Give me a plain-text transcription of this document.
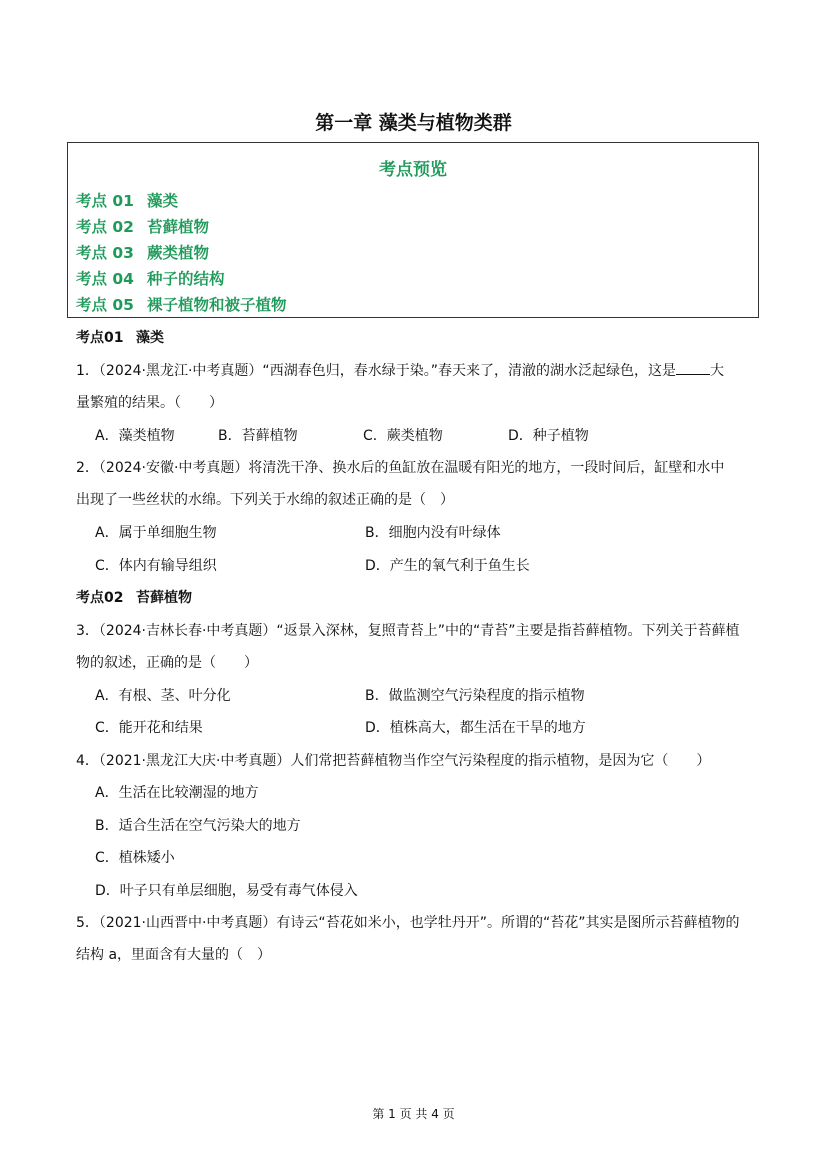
第一章 藻类与植物类群
考点预览
考点 01 藻类
考点 02 苔藓植物
考点 03 蕨类植物
考点 04 种子的结构
考点 05 裸子植物和被子植物
考点01 藻类
1．（2024·黑龙江·中考真题）“西湖春色归，春水绿于染。”春天来了，清澈的湖水泛起绿色，这是 大
量繁殖的结果。（　　）
A．藻类植物	B．苔藓植物	C．蕨类植物	D．种子植物
2．（2024·安徽·中考真题）将清洗干净、换水后的鱼缸放在温暖有阳光的地方，一段时间后，缸壁和水中
出现了一些丝状的水绵。下列关于水绵的叙述正确的是（　）
A．属于单细胞生物	B．细胞内没有叶绿体
C．体内有输导组织	D．产生的氧气利于鱼生长
考点02 苔藓植物
3．（2024·吉林长春·中考真题）“返景入深林，复照青苔上”中的“青苔”主要是指苔藓植物。下列关于苔藓植
物的叙述，正确的是（　　）
A．有根、茎、叶分化	B．做监测空气污染程度的指示植物
C．能开花和结果	D．植株高大，都生活在干旱的地方
4．（2021·黑龙江大庆·中考真题）人们常把苔藓植物当作空气污染程度的指示植物，是因为它（　　）
A．生活在比较潮湿的地方
B．适合生活在空气污染大的地方
C．植株矮小
D．叶子只有单层细胞，易受有毒气体侵入
5．（2021·山西晋中·中考真题）有诗云“苔花如米小，也学牡丹开”。所谓的“苔花”其实是图所示苔藓植物的
结构 a，里面含有大量的（　）
第 1 页 共 4 页
